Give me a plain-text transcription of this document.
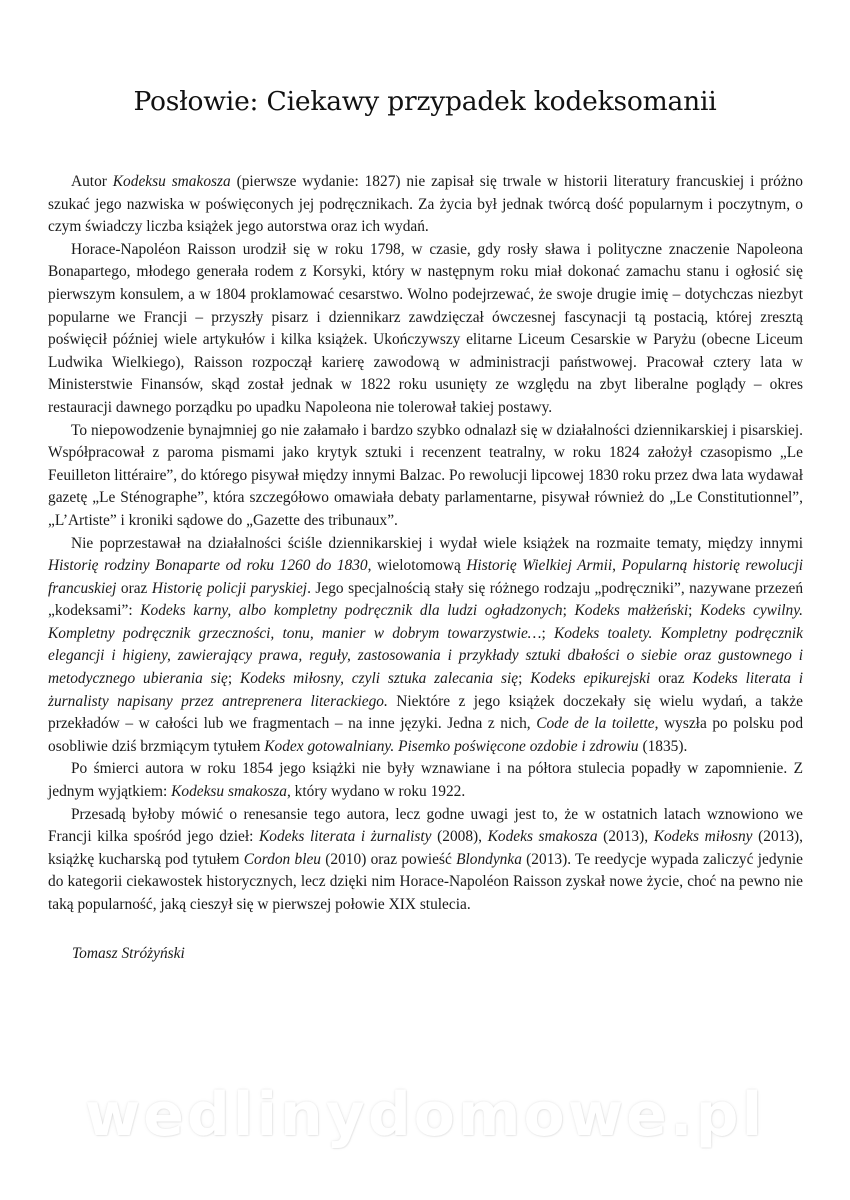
Posłowie: Ciekawy przypadek kodeksomanii

Autor Kodeksu smakosza (pierwsze wydanie: 1827) nie zapisał się trwale w historii literatury francuskiej i próżno szukać jego nazwiska w poświęconych jej podręcznikach. Za życia był jednak twórcą dość popularnym i poczytnym, o czym świadczy liczba książek jego autorstwa oraz ich wydań.

Horace-Napoléon Raisson urodził się w roku 1798, w czasie, gdy rosły sława i polityczne znaczenie Napoleona Bonapartego, młodego generała rodem z Korsyki, który w następnym roku miał dokonać zamachu stanu i ogłosić się pierwszym konsulem, a w 1804 proklamować cesarstwo. Wolno podejrzewać, że swoje drugie imię – dotychczas niezbyt popularne we Francji – przyszły pisarz i dziennikarz zawdzięczał ówczesnej fascynacji tą postacią, której zresztą poświęcił później wiele artykułów i kilka książek. Ukończywszy elitarne Liceum Cesarskie w Paryżu (obecne Liceum Ludwika Wielkiego), Raisson rozpoczął karierę zawodową w administracji państwowej. Pracował cztery lata w Ministerstwie Finansów, skąd został jednak w 1822 roku usunięty ze względu na zbyt liberalne poglądy – okres restauracji dawnego porządku po upadku Napoleona nie tolerował takiej postawy.

To niepowodzenie bynajmniej go nie załamało i bardzo szybko odnalazł się w działalności dziennikarskiej i pisarskiej. Współpracował z paroma pismami jako krytyk sztuki i recenzent teatralny, w roku 1824 założył czasopismo „Le Feuilleton littéraire”, do którego pisywał między innymi Balzac. Po rewolucji lipcowej 1830 roku przez dwa lata wydawał gazetę „Le Sténographe”, która szczegółowo omawiała debaty parlamentarne, pisywał również do „Le Constitutionnel”, „L’Artiste” i kroniki sądowe do „Gazette des tribunaux”.

Nie poprzestawał na działalności ściśle dziennikarskiej i wydał wiele książek na rozmaite tematy, między innymi Historię rodziny Bonaparte od roku 1260 do 1830, wielotomową Historię Wielkiej Armii, Popularną historię rewolucji francuskiej oraz Historię policji paryskiej. Jego specjalnością stały się różnego rodzaju „podręczniki”, nazywane przezeń „kodeksami”: Kodeks karny, albo kompletny podręcznik dla ludzi ogładzonych; Kodeks małżeński; Kodeks cywilny. Kompletny podręcznik grzeczności, tonu, manier w dobrym towarzystwie…; Kodeks toalety. Kompletny podręcznik elegancji i higieny, zawierający prawa, reguły, zastosowania i przykłady sztuki dbałości o siebie oraz gustownego i metodycznego ubierania się; Kodeks miłosny, czyli sztuka zalecania się; Kodeks epikurejski oraz Kodeks literata i żurnalisty napisany przez antreprenera literackiego. Niektóre z jego książek doczekały się wielu wydań, a także przekładów – w całości lub we fragmentach – na inne języki. Jedna z nich, Code de la toilette, wyszła po polsku pod osobliwie dziś brzmiącym tytułem Kodex gotowalniany. Pisemko poświęcone ozdobie i zdrowiu (1835).

Po śmierci autora w roku 1854 jego książki nie były wznawiane i na półtora stulecia popadły w zapomnienie. Z jednym wyjątkiem: Kodeksu smakosza, który wydano w roku 1922.

Przesadą byłoby mówić o renesansie tego autora, lecz godne uwagi jest to, że w ostatnich latach wznowiono we Francji kilka spośród jego dzieł: Kodeks literata i żurnalisty (2008), Kodeks smakosza (2013), Kodeks miłosny (2013), książkę kucharską pod tytułem Cordon bleu (2010) oraz powieść Blondynka (2013). Te reedycje wypada zaliczyć jedynie do kategorii ciekawostek historycznych, lecz dzięki nim Horace-Napoléon Raisson zyskał nowe życie, choć na pewno nie taką popularność, jaką cieszył się w pierwszej połowie XIX stulecia.

Tomasz Stróżyński
wedlinydomowe.pl
